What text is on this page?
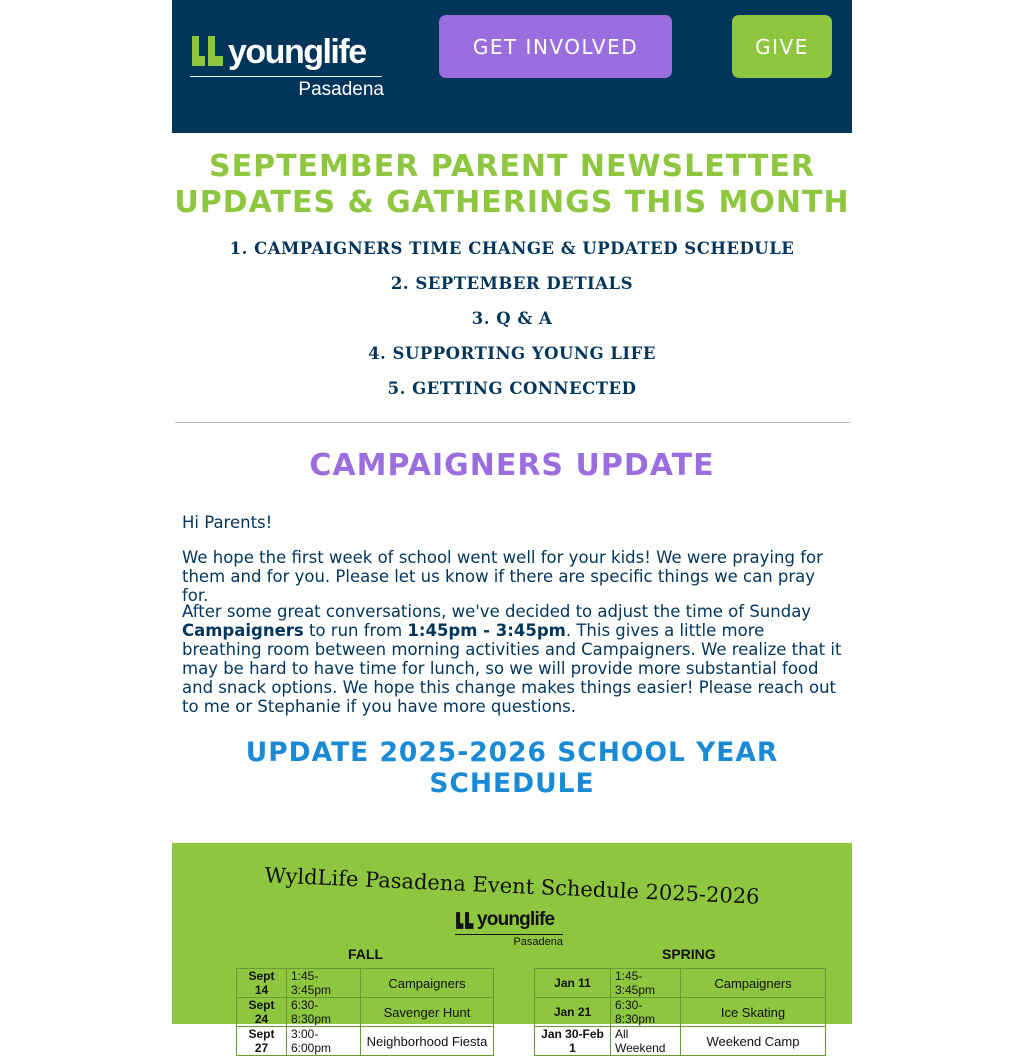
younglife
Pasadena
GET INVOLVED	GIVE
SEPTEMBER PARENT NEWSLETTER
UPDATES & GATHERINGS THIS MONTH
1. CAMPAIGNERS TIME CHANGE & UPDATED SCHEDULE
2. SEPTEMBER DETIALS
3. Q & A
4. SUPPORTING YOUNG LIFE
5. GETTING CONNECTED
CAMPAIGNERS UPDATE

Hi Parents!

We hope the first week of school went well for your kids! We were praying for them and for you. Please let us know if there are specific things we can pray for.

After some great conversations, we've decided to adjust the time of Sunday Campaigners to run from 1:45pm - 3:45pm. This gives a little more breathing room between morning activities and Campaigners. We realize that it may be hard to have time for lunch, so we will provide more substantial food and snack options. We hope this change makes things easier! Please reach out to me or Stephanie if you have more questions.

UPDATE 2025-2026 SCHOOL YEAR SCHEDULE
WyldLife Pasadena Event Schedule 2025-2026
younglife
Pasadena
FALL	SPRING
Sept 14	1:45-3:45pm	Campaigners
Sept 24	6:30-8:30pm	Savenger Hunt
Sept 27	3:00-6:00pm	Neighborhood Fiesta
Jan 11	1:45-3:45pm	Campaigners
Jan 21	6:30-8:30pm	Ice Skating
Jan 30-Feb 1	All Weekend	Weekend Camp
